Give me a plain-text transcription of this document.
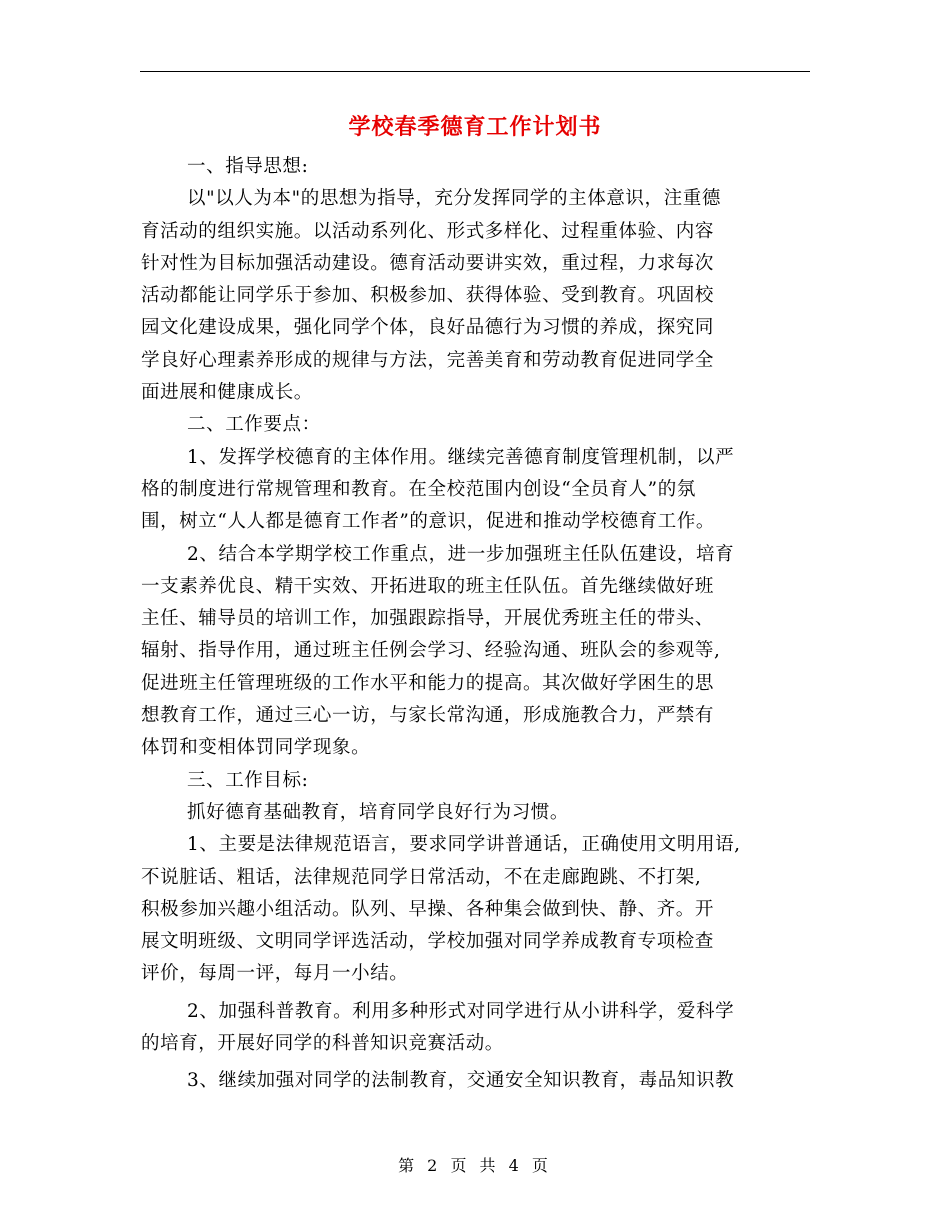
学校春季德育工作计划书
一、指导思想:
以"以人为本"的思想为指导，充分发挥同学的主体意识，注重德
育活动的组织实施。以活动系列化、形式多样化、过程重体验、内容
针对性为目标加强活动建设。德育活动要讲实效，重过程，力求每次
活动都能让同学乐于参加、积极参加、获得体验、受到教育。巩固校
园文化建设成果，强化同学个体，良好品德行为习惯的养成，探究同
学良好心理素养形成的规律与方法，完善美育和劳动教育促进同学全
面进展和健康成长。
二、工作要点：
1、发挥学校德育的主体作用。继续完善德育制度管理机制，以严
格的制度进行常规管理和教育。在全校范围内创设“全员育人”的氛
围，树立“人人都是德育工作者”的意识，促进和推动学校德育工作。
2、结合本学期学校工作重点，进一步加强班主任队伍建设，培育
一支素养优良、精干实效、开拓进取的班主任队伍。首先继续做好班
主任、辅导员的培训工作，加强跟踪指导，开展优秀班主任的带头、
辐射、指导作用，通过班主任例会学习、经验沟通、班队会的参观等,
促进班主任管理班级的工作水平和能力的提高。其次做好学困生的思
想教育工作，通过三心一访，与家长常沟通，形成施教合力，严禁有
体罚和变相体罚同学现象。
三、工作目标:
抓好德育基础教育，培育同学良好行为习惯。
1、主要是法律规范语言，要求同学讲普通话，正确使用文明用语,
不说脏话、粗话，法律规范同学日常活动，不在走廊跑跳、不打架,
积极参加兴趣小组活动。队列、早操、各种集会做到快、静、齐。开
展文明班级、文明同学评选活动，学校加强对同学养成教育专项检查
评价，每周一评，每月一小结。
2、加强科普教育。利用多种形式对同学进行从小讲科学，爱科学
的培育，开展好同学的科普知识竞赛活动。
3、继续加强对同学的法制教育，交通安全知识教育，毒品知识教
第 2 页 共 4 页
